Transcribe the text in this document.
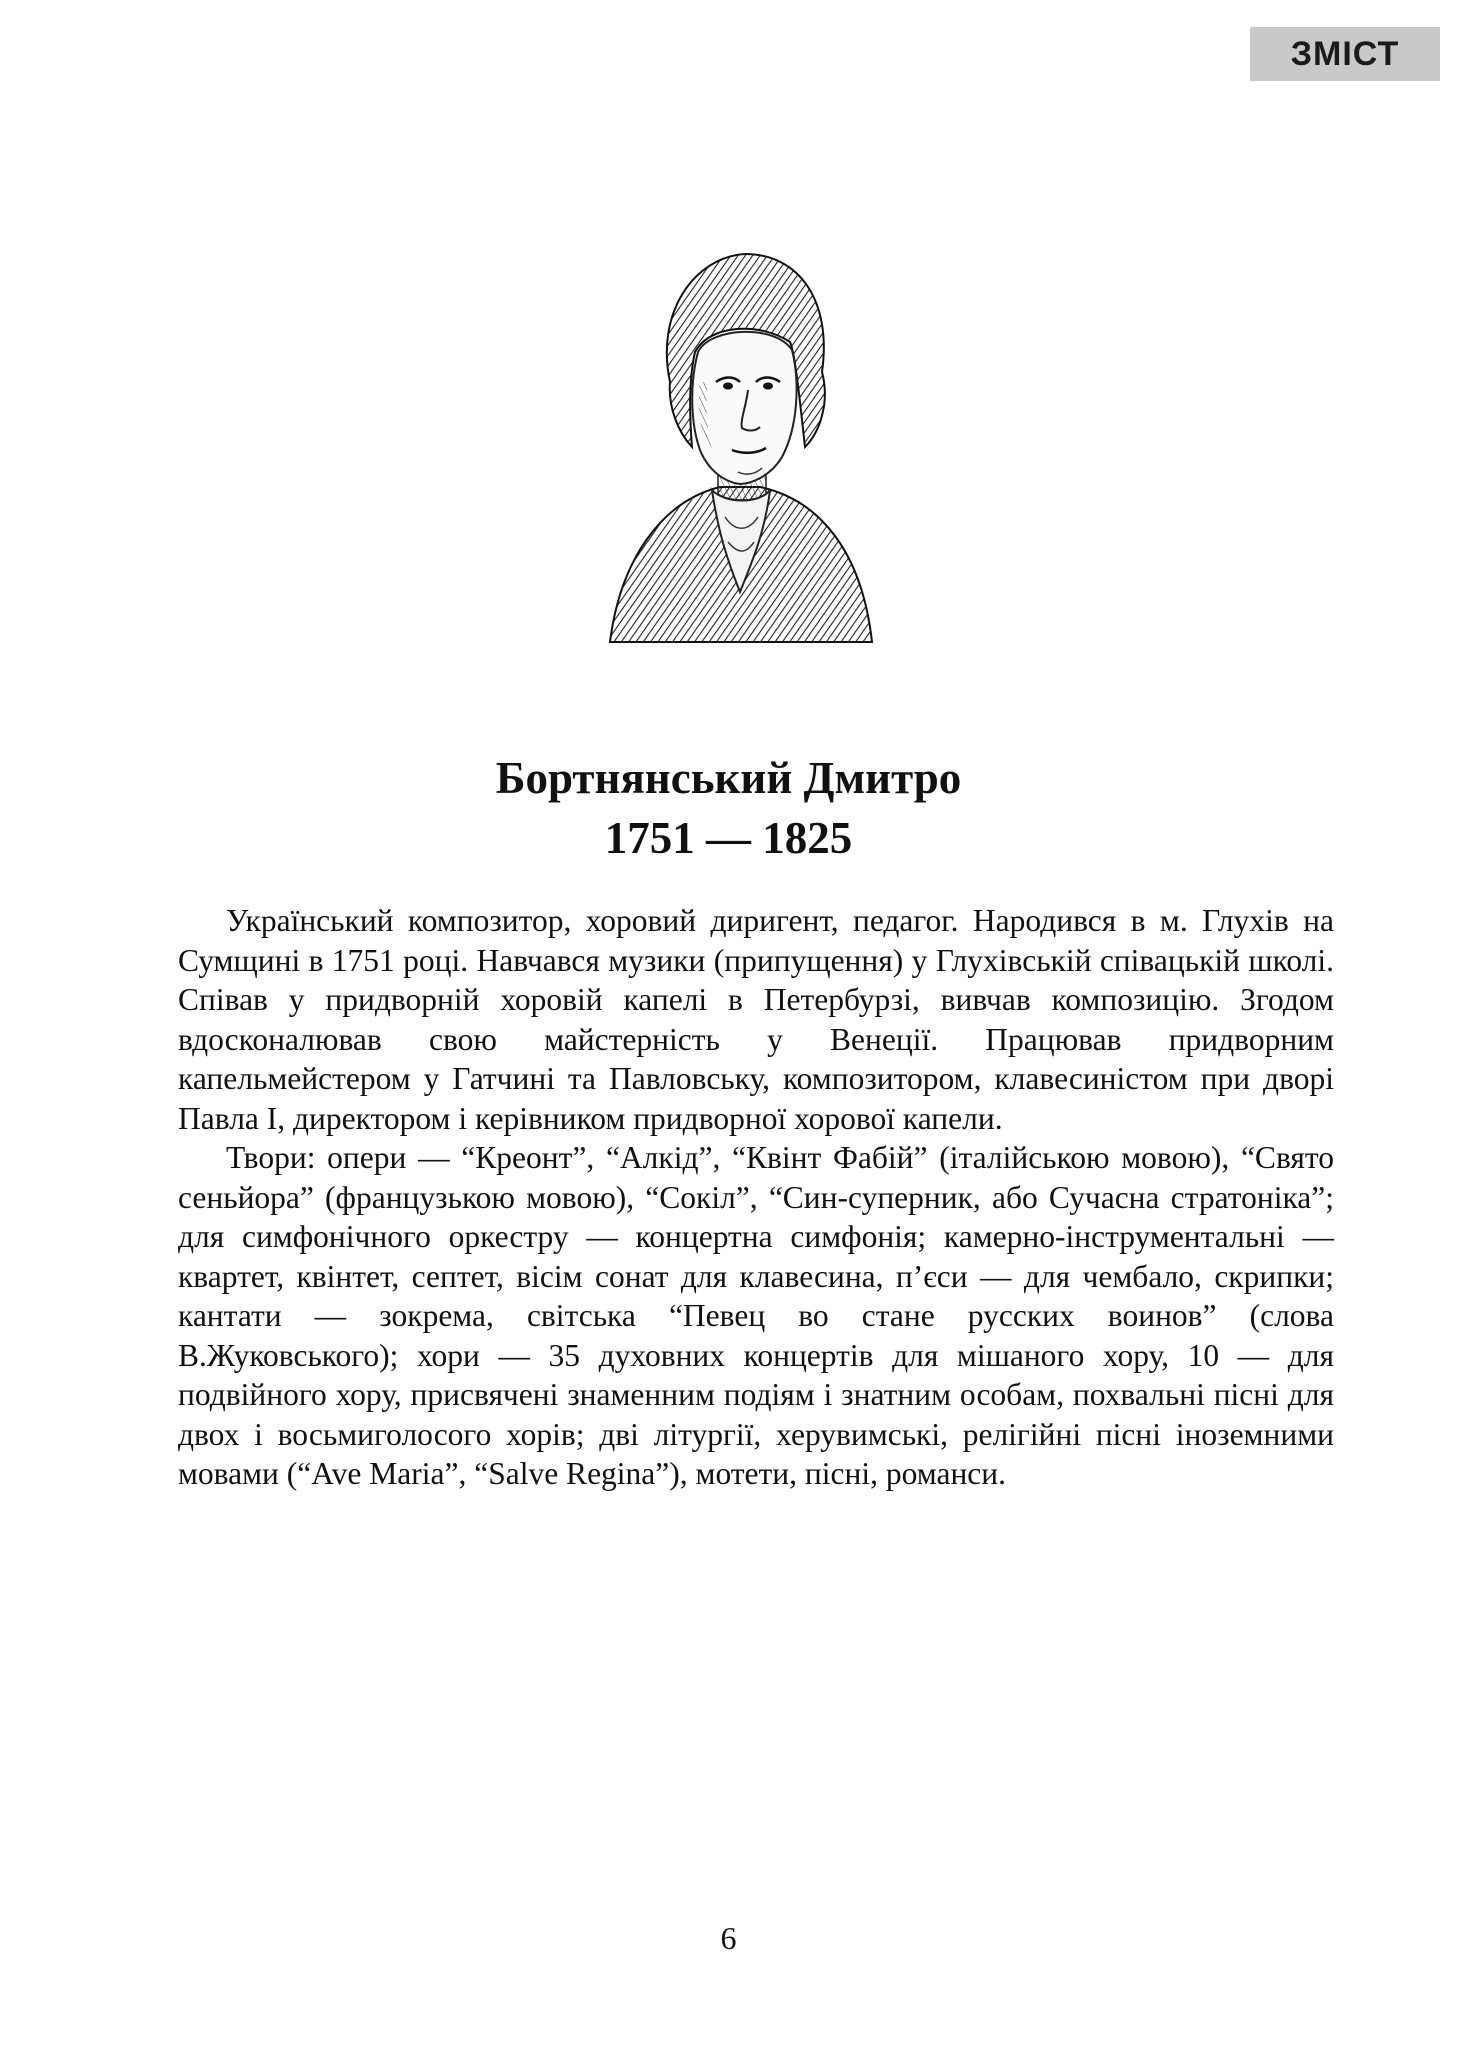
ЗМІСТ
Бортнянський Дмитро
1751 — 1825

Український композитор, хоровий диригент, педагог. Народився в м. Глухів на Сумщині в 1751 році. Навчався музики (припущення) у Глухівській співацькій школі. Співав у придворній хоровій капелі в Петербурзі, вивчав композицію. Згодом вдосконалював свою майстерність у Венеції. Працював придворним капельмейстером у Гатчині та Павловську, композитором, клавесиністом при дворі Павла І, директором і керівником придворної хорової капели.

Твори: опери — “Креонт”, “Алкід”, “Квінт Фабій” (італійською мовою), “Свято сеньйора” (французькою мовою), “Сокіл”, “Син-суперник, або Сучасна стратоніка”; для симфонічного оркестру — концертна симфонія; камерно-інструментальні — квартет, квінтет, септет, вісім сонат для клавесина, п’єси — для чембало, скрипки; кантати — зокрема, світська “Певец во стане русских воинов” (слова В.Жуковського); хори — 35 духовних концертів для мішаного хору, 10 — для подвійного хору, присвячені знаменним подіям і знатним особам, похвальні пісні для двох і восьмиголосого хорів; дві літургії, херувимські, релігійні пісні іноземними мовами (“Ave Maria”, “Salve Regina”), мотети, пісні, романси.

6
